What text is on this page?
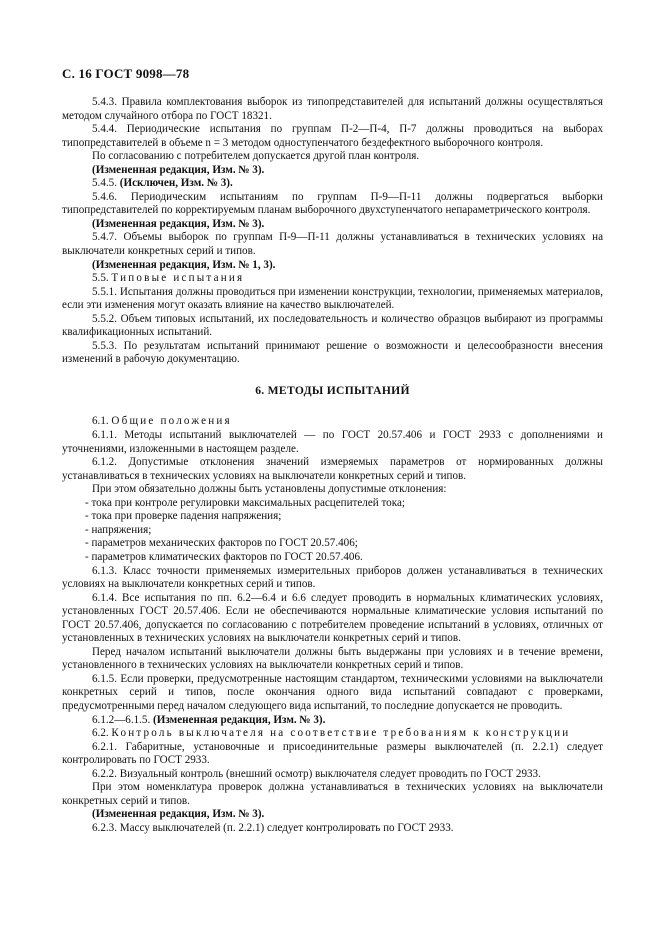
С. 16 ГОСТ 9098—78

5.4.3. Правила комплектования выборок из типопредставителей для испытаний должны осуществляться методом случайного отбора по ГОСТ 18321.

5.4.4. Периодические испытания по группам П-2—П-4, П-7 должны проводиться на выборах типопредставителей в объеме n = 3 методом одноступенчатого бездефектного выборочного контроля.

По согласованию с потребителем допускается другой план контроля.

(Измененная редакция, Изм. № 3).

5.4.5. (Исключен, Изм. № 3).

5.4.6. Периодическим испытаниям по группам П-9—П-11 должны подвергаться выборки типопредставителей по корректируемым планам выборочного двухступенчатого непараметрического контроля.

(Измененная редакция, Изм. № 3).

5.4.7. Объемы выборок по группам П-9—П-11 должны устанавливаться в технических условиях на выключатели конкретных серий и типов.

(Измененная редакция, Изм. № 1, 3).

5.5. Типовые испытания

5.5.1. Испытания должны проводиться при изменении конструкции, технологии, применяемых материалов, если эти изменения могут оказать влияние на качество выключателей.

5.5.2. Объем типовых испытаний, их последовательность и количество образцов выбирают из программы квалификационных испытаний.

5.5.3. По результатам испытаний принимают решение о возможности и целесообразности внесения изменений в рабочую документацию.

6. МЕТОДЫ ИСПЫТАНИЙ

6.1. Общие положения

6.1.1. Методы испытаний выключателей — по ГОСТ 20.57.406 и ГОСТ 2933 с дополнениями и уточнениями, изложенными в настоящем разделе.

6.1.2. Допустимые отклонения значений измеряемых параметров от нормированных должны устанавливаться в технических условиях на выключатели конкретных серий и типов.

При этом обязательно должны быть установлены допустимые отклонения:

- тока при контроле регулировки максимальных расцепителей тока;

- тока при проверке падения напряжения;

- напряжения;

- параметров механических факторов по ГОСТ 20.57.406;

- параметров климатических факторов по ГОСТ 20.57.406.

6.1.3. Класс точности применяемых измерительных приборов должен устанавливаться в технических условиях на выключатели конкретных серий и типов.

6.1.4. Все испытания по пп. 6.2—6.4 и 6.6 следует проводить в нормальных климатических условиях, установленных ГОСТ 20.57.406. Если не обеспечиваются нормальные климатические условия испытаний по ГОСТ 20.57.406, допускается по согласованию с потребителем проведение испытаний в условиях, отличных от установленных в технических условиях на выключатели конкретных серий и типов.

Перед началом испытаний выключатели должны быть выдержаны при условиях и в течение времени, установленного в технических условиях на выключатели конкретных серий и типов.

6.1.5. Если проверки, предусмотренные настоящим стандартом, техническими условиями на выключатели конкретных серий и типов, после окончания одного вида испытаний совпадают с проверками, предусмотренными перед началом следующего вида испытаний, то последние допускается не проводить.

6.1.2—6.1.5. (Измененная редакция, Изм. № 3).

6.2. Контроль выключателя на соответствие требованиям к конструкции

6.2.1. Габаритные, установочные и присоединительные размеры выключателей (п. 2.2.1) следует контролировать по ГОСТ 2933.

6.2.2. Визуальный контроль (внешний осмотр) выключателя следует проводить по ГОСТ 2933.

При этом номенклатура проверок должна устанавливаться в технических условиях на выключатели конкретных серий и типов.

(Измененная редакция, Изм. № 3).

6.2.3. Массу выключателей (п. 2.2.1) следует контролировать по ГОСТ 2933.
